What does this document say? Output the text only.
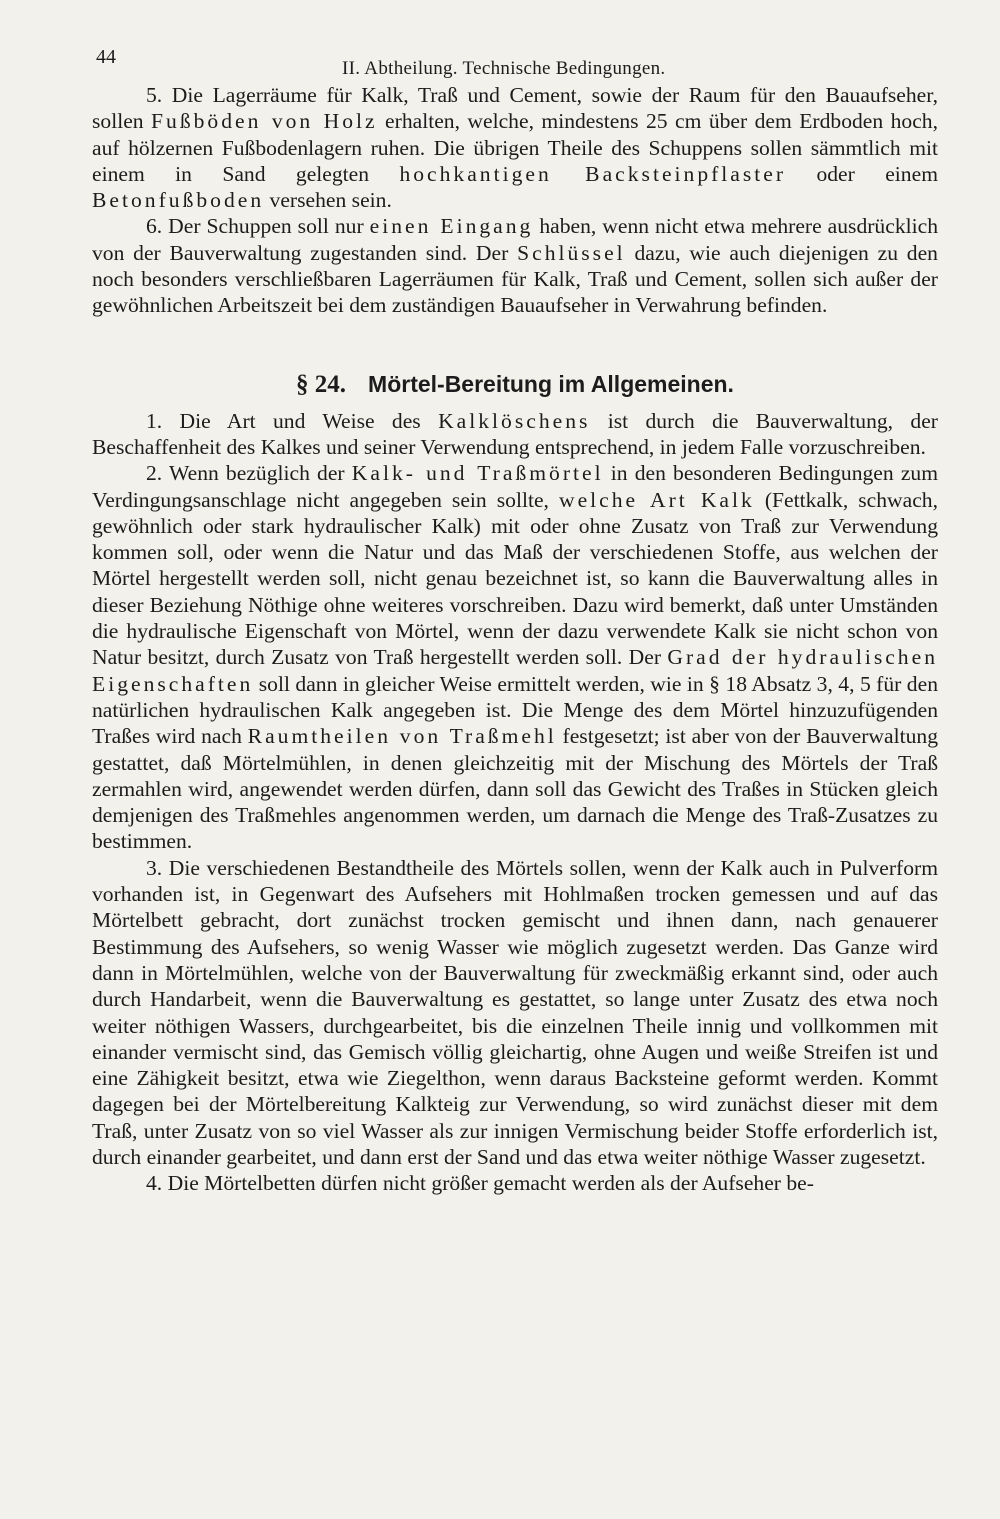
44
II. Abtheilung. Technische Bedingungen.

5. Die Lagerräume für Kalk, Traß und Cement, sowie der Raum für den Bauaufseher, sollen Fußböden von Holz erhalten, welche, mindestens 25 cm über dem Erdboden hoch, auf hölzernen Fußbodenlagern ruhen. Die übrigen Theile des Schuppens sollen sämmtlich mit einem in Sand gelegten hochkantigen Backsteinpflaster oder einem Betonfußboden versehen sein.

6. Der Schuppen soll nur einen Eingang haben, wenn nicht etwa mehrere ausdrücklich von der Bauverwaltung zugestanden sind. Der Schlüssel dazu, wie auch diejenigen zu den noch besonders verschließbaren Lagerräumen für Kalk, Traß und Cement, sollen sich außer der gewöhnlichen Arbeitszeit bei dem zuständigen Bauaufseher in Verwahrung befinden.

§ 24. Mörtel-Bereitung im Allgemeinen.

1. Die Art und Weise des Kalklöschens ist durch die Bauverwaltung, der Beschaffenheit des Kalkes und seiner Verwendung entsprechend, in jedem Falle vorzuschreiben.

2. Wenn bezüglich der Kalk- und Traßmörtel in den besonderen Bedingungen zum Verdingungsanschlage nicht angegeben sein sollte, welche Art Kalk (Fettkalk, schwach, gewöhnlich oder stark hydraulischer Kalk) mit oder ohne Zusatz von Traß zur Verwendung kommen soll, oder wenn die Natur und das Maß der verschiedenen Stoffe, aus welchen der Mörtel hergestellt werden soll, nicht genau bezeichnet ist, so kann die Bauverwaltung alles in dieser Beziehung Nöthige ohne weiteres vorschreiben. Dazu wird bemerkt, daß unter Umständen die hydraulische Eigenschaft von Mörtel, wenn der dazu verwendete Kalk sie nicht schon von Natur besitzt, durch Zusatz von Traß hergestellt werden soll. Der Grad der hydraulischen Eigenschaften soll dann in gleicher Weise ermittelt werden, wie in § 18 Absatz 3, 4, 5 für den natürlichen hydraulischen Kalk angegeben ist. Die Menge des dem Mörtel hinzuzufügenden Traßes wird nach Raumtheilen von Traßmehl festgesetzt; ist aber von der Bauverwaltung gestattet, daß Mörtelmühlen, in denen gleichzeitig mit der Mischung des Mörtels der Traß zermahlen wird, angewendet werden dürfen, dann soll das Gewicht des Traßes in Stücken gleich demjenigen des Traßmehles angenommen werden, um darnach die Menge des Traß-Zusatzes zu bestimmen.

3. Die verschiedenen Bestandtheile des Mörtels sollen, wenn der Kalk auch in Pulverform vorhanden ist, in Gegenwart des Aufsehers mit Hohlmaßen trocken gemessen und auf das Mörtelbett gebracht, dort zunächst trocken gemischt und ihnen dann, nach genauerer Bestimmung des Aufsehers, so wenig Wasser wie möglich zugesetzt werden. Das Ganze wird dann in Mörtelmühlen, welche von der Bauverwaltung für zweckmäßig erkannt sind, oder auch durch Handarbeit, wenn die Bauverwaltung es gestattet, so lange unter Zusatz des etwa noch weiter nöthigen Wassers, durchgearbeitet, bis die einzelnen Theile innig und vollkommen mit einander vermischt sind, das Gemisch völlig gleichartig, ohne Augen und weiße Streifen ist und eine Zähigkeit besitzt, etwa wie Ziegelthon, wenn daraus Backsteine geformt werden. Kommt dagegen bei der Mörtelbereitung Kalkteig zur Verwendung, so wird zunächst dieser mit dem Traß, unter Zusatz von so viel Wasser als zur innigen Vermischung beider Stoffe erforderlich ist, durch einander gearbeitet, und dann erst der Sand und das etwa weiter nöthige Wasser zugesetzt.

4. Die Mörtelbetten dürfen nicht größer gemacht werden als der Aufseher be-
